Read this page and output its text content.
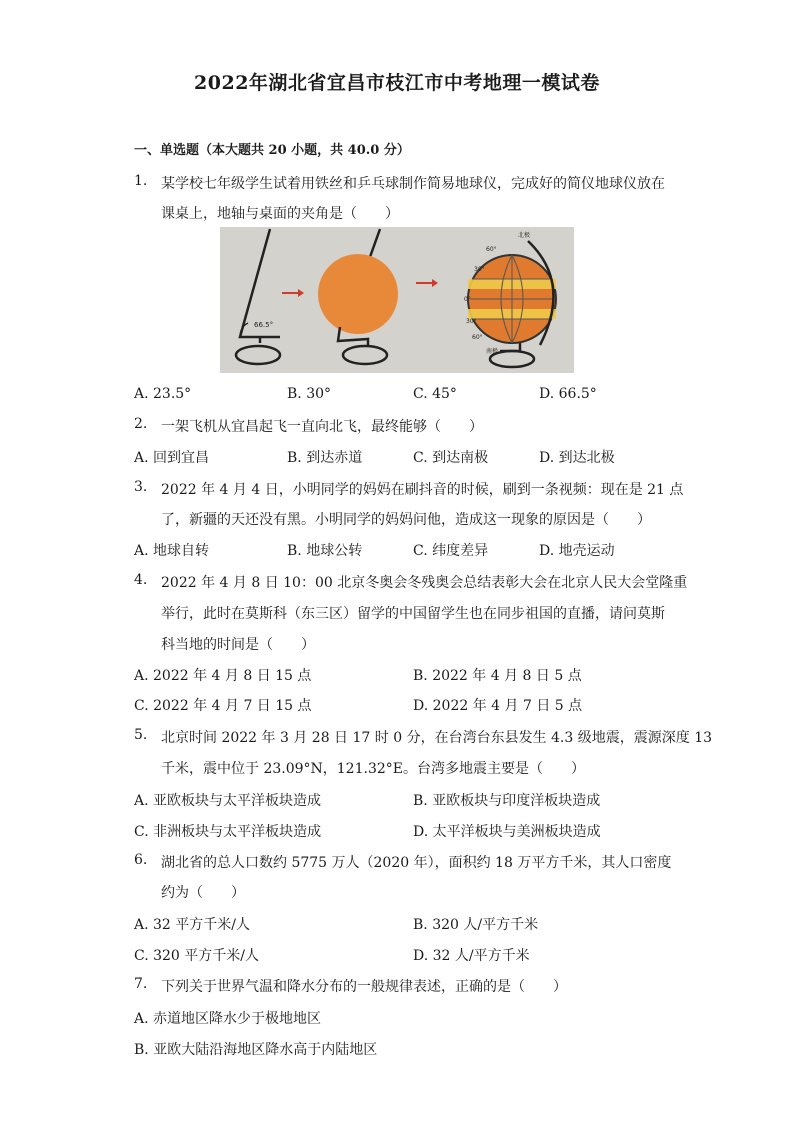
2022年湖北省宜昌市枝江市中考地理一模试卷
一、单选题（本大题共 20 小题，共 40.0 分）
1. 某学校七年级学生试着用铁丝和乒乓球制作简易地球仪，完成好的简仪地球仪放在
课桌上，地轴与桌面的夹角是（　　）
66.5°
北极
60°
30°
0°
30°
60°
南极
A. 23.5°	B. 30°	C. 45°	D. 66.5°
2. 一架飞机从宜昌起飞一直向北飞，最终能够（　　）
A. 回到宜昌	B. 到达赤道	C. 到达南极	D. 到达北极
3. 2022 年 4 月 4 日，小明同学的妈妈在刷抖音的时候，刷到一条视频：现在是 21 点
了，新疆的天还没有黑。小明同学的妈妈问他，造成这一现象的原因是（　　）
A. 地球自转	B. 地球公转	C. 纬度差异	D. 地壳运动
4. 2022 年 4 月 8 日 10：00 北京冬奥会冬残奥会总结表彰大会在北京人民大会堂隆重
举行，此时在莫斯科（东三区）留学的中国留学生也在同步祖国的直播，请问莫斯
科当地的时间是（　　）
A. 2022 年 4 月 8 日 15 点	B. 2022 年 4 月 8 日 5 点
C. 2022 年 4 月 7 日 15 点	D. 2022 年 4 月 7 日 5 点
5. 北京时间 2022 年 3 月 28 日 17 时 0 分，在台湾台东县发生 4.3 级地震，震源深度 13
千米，震中位于 23.09°N，121.32°E。台湾多地震主要是（　　）
A. 亚欧板块与太平洋板块造成	B. 亚欧板块与印度洋板块造成
C. 非洲板块与太平洋板块造成	D. 太平洋板块与美洲板块造成
6. 湖北省的总人口数约 5775 万人（2020 年），面积约 18 万平方千米，其人口密度
约为（　　）
A. 32 平方千米/人	B. 320 人/平方千米
C. 320 平方千米/人	D. 32 人/平方千米
7. 下列关于世界气温和降水分布的一般规律表述，正确的是（　　）
A. 赤道地区降水少于极地地区
B. 亚欧大陆沿海地区降水高于内陆地区
